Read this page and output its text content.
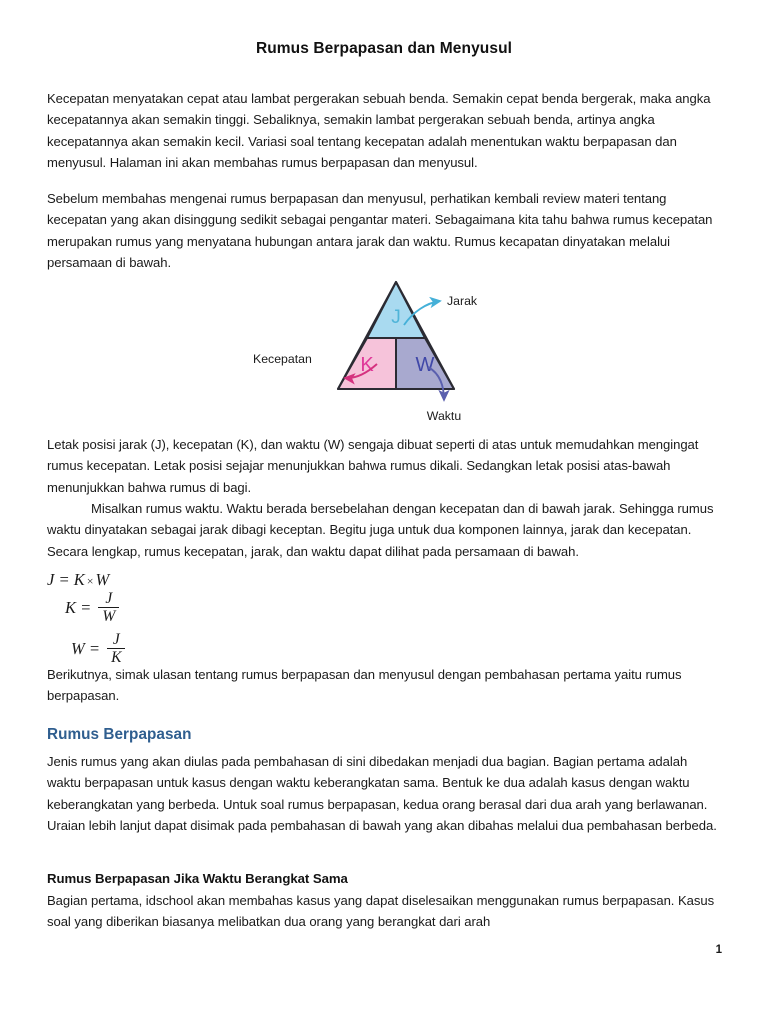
Rumus Berpapasan dan Menyusul

Kecepatan menyatakan cepat atau lambat pergerakan sebuah benda. Semakin cepat benda bergerak, maka angka kecepatannya akan semakin tinggi. Sebaliknya, semakin lambat pergerakan sebuah benda, artinya angka kecepatannya akan semakin kecil. Variasi soal tentang kecepatan adalah menentukan waktu berpapasan dan menyusul. Halaman ini akan membahas rumus berpapasan dan menyusul.

Sebelum membahas mengenai rumus berpapasan dan menyusul, perhatikan kembali review materi tentang kecepatan yang akan disinggung sedikit sebagai pengantar materi. Sebagaimana kita tahu bahwa rumus kecepatan merupakan rumus yang menyatana hubungan antara jarak dan waktu. Rumus kecapatan dinyatakan melalui persamaan di bawah.

J
K W
Jarak
Kecepatan
Waktu

Letak posisi jarak (J), kecepatan (K), dan waktu (W) sengaja dibuat seperti di atas untuk memudahkan mengingat rumus kecepatan. Letak posisi sejajar menunjukkan bahwa rumus dikali. Sedangkan letak posisi atas-bawah menunjukkan bahwa rumus di bagi.

Misalkan rumus waktu. Waktu berada bersebelahan dengan kecepatan dan di bawah jarak. Sehingga rumus waktu dinyatakan sebagai jarak dibagi keceptan. Begitu juga untuk dua komponen lainnya, jarak dan kecepatan. Secara lengkap, rumus kecepatan, jarak, dan waktu dapat dilihat pada persamaan di bawah.

J = K × W
$K = \frac{J}{W}$
$W = \frac{J}{K}$

Berikutnya, simak ulasan tentang rumus berpapasan dan menyusul dengan pembahasan pertama yaitu rumus berpapasan.

Rumus Berpapasan

Jenis rumus yang akan diulas pada pembahasan di sini dibedakan menjadi dua bagian. Bagian pertama adalah waktu berpapasan untuk kasus dengan waktu keberangkatan sama. Bentuk ke dua adalah kasus dengan waktu keberangkatan yang berbeda. Untuk soal rumus berpapasan, kedua orang berasal dari dua arah yang berlawanan. Uraian lebih lanjut dapat disimak pada pembahasan di bawah yang akan dibahas melalui dua pembahasan berbeda.

Rumus Berpapasan Jika Waktu Berangkat Sama

Bagian pertama, idschool akan membahas kasus yang dapat diselesaikan menggunakan rumus berpapasan. Kasus soal yang diberikan biasanya melibatkan dua orang yang berangkat dari arah

1
